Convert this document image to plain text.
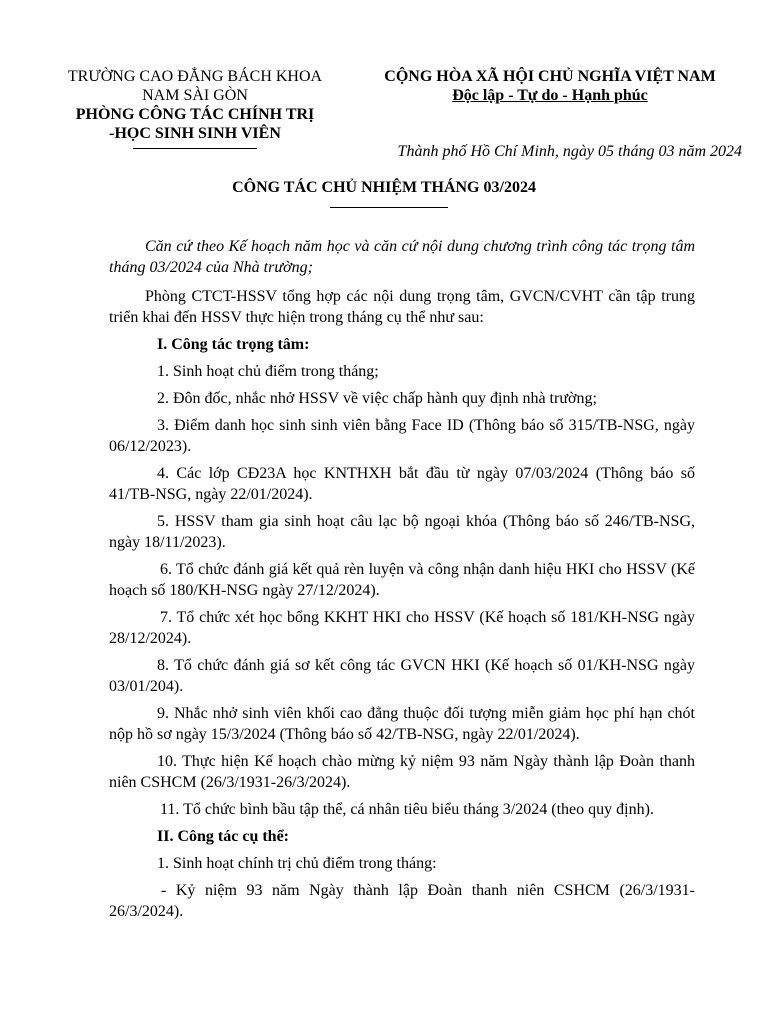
TRƯỜNG CAO ĐẲNG BÁCH KHOA
NAM SÀI GÒN
PHÒNG CÔNG TÁC CHÍNH TRỊ
-HỌC SINH SINH VIÊN
CỘNG HÒA XÃ HỘI CHỦ NGHĨA VIỆT NAM
Độc lập - Tự do - Hạnh phúc
Thành phố Hồ Chí Minh, ngày 05 tháng 03 năm 2024
CÔNG TÁC CHỦ NHIỆM THÁNG 03/2024

Căn cứ theo Kế hoạch năm học và căn cứ nội dung chương trình công tác trọng tâm tháng 03/2024 của Nhà trường;

Phòng CTCT-HSSV tổng hợp các nội dung trọng tâm, GVCN/CVHT cần tập trung triển khai đến HSSV thực hiện trong tháng cụ thể như sau:

I. Công tác trọng tâm:

1. Sinh hoạt chủ điểm trong tháng;

2. Đôn đốc, nhắc nhở HSSV về việc chấp hành quy định nhà trường;

3. Điểm danh học sinh sinh viên bằng Face ID (Thông báo số 315/TB-NSG, ngày 06/12/2023).

4. Các lớp CĐ23A học KNTHXH bắt đầu từ ngày 07/03/2024 (Thông báo số 41/TB-NSG, ngày 22/01/2024).

5. HSSV tham gia sinh hoạt câu lạc bộ ngoại khóa (Thông báo số 246/TB-NSG, ngày 18/11/2023).

6. Tổ chức đánh giá kết quả rèn luyện và công nhận danh hiệu HKI cho HSSV (Kế hoạch số 180/KH-NSG ngày 27/12/2024).

7. Tổ chức xét học bổng KKHT HKI cho HSSV (Kế hoạch số 181/KH-NSG ngày 28/12/2024).

8. Tổ chức đánh giá sơ kết công tác GVCN HKI (Kế hoạch số 01/KH-NSG ngày 03/01/204).

9. Nhắc nhở sinh viên khối cao đẳng thuộc đối tượng miễn giảm học phí hạn chót nộp hồ sơ ngày 15/3/2024 (Thông báo số 42/TB-NSG, ngày 22/01/2024).

10. Thực hiện Kế hoạch chào mừng kỷ niệm 93 năm Ngày thành lập Đoàn thanh niên CSHCM (26/3/1931-26/3/2024).

11. Tổ chức bình bầu tập thể, cá nhân tiêu biểu tháng 3/2024 (theo quy định).

II. Công tác cụ thể:

1. Sinh hoạt chính trị chủ điểm trong tháng:

- Kỷ niệm 93 năm Ngày thành lập Đoàn thanh niên CSHCM (26/3/1931-26/3/2024).
